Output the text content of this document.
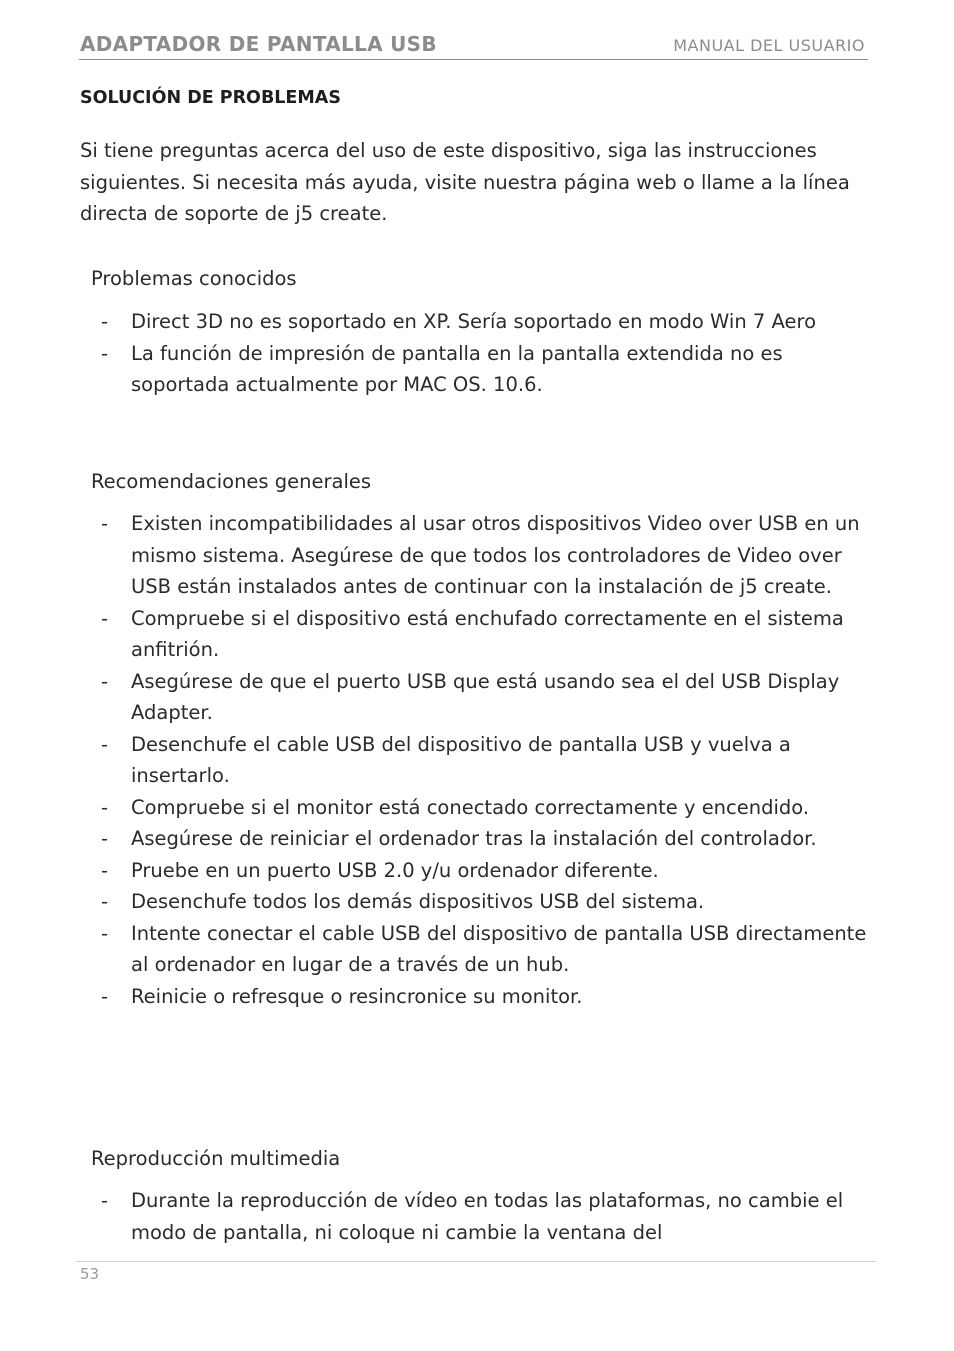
ADAPTADOR DE PANTALLA USB	MANUAL DEL USUARIO
SOLUCIÓN DE PROBLEMAS

Si tiene preguntas acerca del uso de este dispositivo, siga las instrucciones siguientes. Si necesita más ayuda, visite nuestra página web o llame a la línea directa de soporte de j5 create.

Problemas conocidos
- Direct 3D no es soportado en XP. Sería soportado en modo Win 7 Aero
- La función de impresión de pantalla en la pantalla extendida no es soportada actualmente por MAC OS. 10.6.
Recomendaciones generales
- Existen incompatibilidades al usar otros dispositivos Video over USB en un mismo sistema. Asegúrese de que todos los controladores de Video over USB están instalados antes de continuar con la instalación de j5 create.
- Compruebe si el dispositivo está enchufado correctamente en el sistema anfitrión.
- Asegúrese de que el puerto USB que está usando sea el del USB Display Adapter.
- Desenchufe el cable USB del dispositivo de pantalla USB y vuelva a insertarlo.
- Compruebe si el monitor está conectado correctamente y encendido.
- Asegúrese de reiniciar el ordenador tras la instalación del controlador.
- Pruebe en un puerto USB 2.0 y/u ordenador diferente.
- Desenchufe todos los demás dispositivos USB del sistema.
- Intente conectar el cable USB del dispositivo de pantalla USB directamente al ordenador en lugar de a través de un hub.
- Reinicie o refresque o resincronice su monitor.
Reproducción multimedia
- Durante la reproducción de vídeo en todas las plataformas, no cambie el modo de pantalla, ni coloque ni cambie la ventana del
53
